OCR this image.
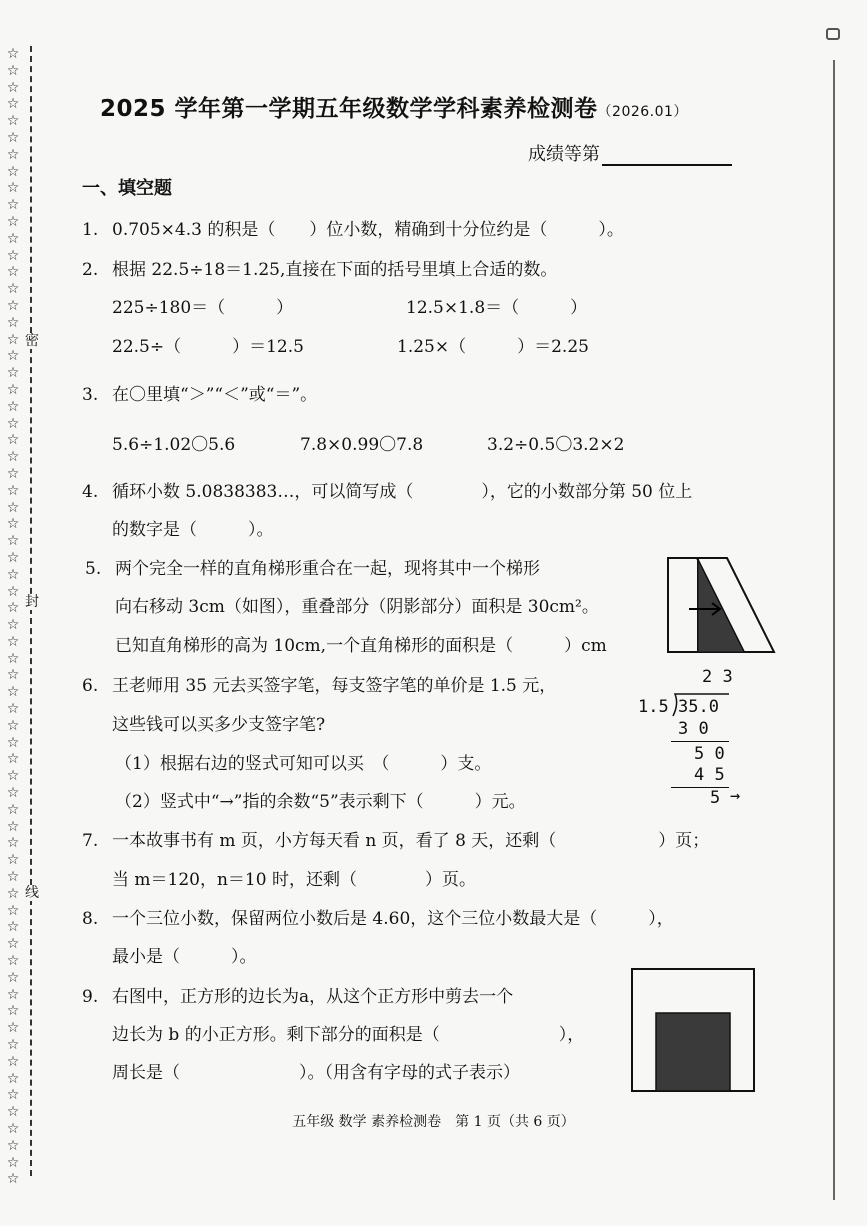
☆
☆
☆
☆
☆
☆
☆
☆
☆
☆
☆
☆
☆
☆
☆
☆
☆
☆
☆
☆
☆
☆
☆
☆
☆
☆
☆
☆
☆
☆
☆
☆
☆
☆
☆
☆
☆
☆
☆
☆
☆
☆
☆
☆
☆
☆
☆
☆
☆
☆
☆
☆
☆
☆
☆
☆
☆
☆
☆
☆
☆
☆
☆
☆
☆
☆
☆
☆
密
封
线
2025 学年第一学期五年级数学学科素养检测卷（2026.01）
成绩等第
一、填空题
1. 0.705×4.3 的积是（　　）位小数，精确到十分位约是（　　　）。
2. 根据 22.5÷18＝1.25,直接在下面的括号里填上合适的数。
225÷180＝（　　　）	12.5×1.8＝（　　　）
22.5÷（　　　）＝12.5	1.25×（　　　）＝2.25
3. 在〇里填“＞”“＜”或“＝”。
5.6÷1.02〇5.6	7.8×0.99〇7.8	3.2÷0.5〇3.2×2
4. 循环小数 5.0838383…，可以简写成（　　　　），它的小数部分第 50 位上
的数字是（　　　）。
5. 两个完全一样的直角梯形重合在一起，现将其中一个梯形
向右移动 3cm（如图），重叠部分（阴影部分）面积是 30cm²。
已知直角梯形的高为 10cm,一个直角梯形的面积是（　　　）cm
6. 王老师用 35 元去买签字笔，每支签字笔的单价是 1.5 元，
这些钱可以买多少支签字笔?
（1）根据右边的竖式可知可以买　（　　　）支。
（2）竖式中“→”指的余数“5”表示剩下（　　　）元。
2 3
1.5 35.0
3 0
5 0
4 5
5 →
7. 一本故事书有 m 页，小方每天看 n 页，看了 8 天，还剩（　　　　　　）页；
当 m＝120，n＝10 时，还剩（　　　　）页。
8. 一个三位小数，保留两位小数后是 4.60，这个三位小数最大是（　　　），
最小是（　　　）。
9. 右图中，正方形的边长为a，从这个正方形中剪去一个
边长为 b 的小正方形。剩下部分的面积是（　　　　　　　），
周长是（　　　　　　　）。（用含有字母的式子表示）
五年级 数学 素养检测卷　第 1 页（共 6 页）
